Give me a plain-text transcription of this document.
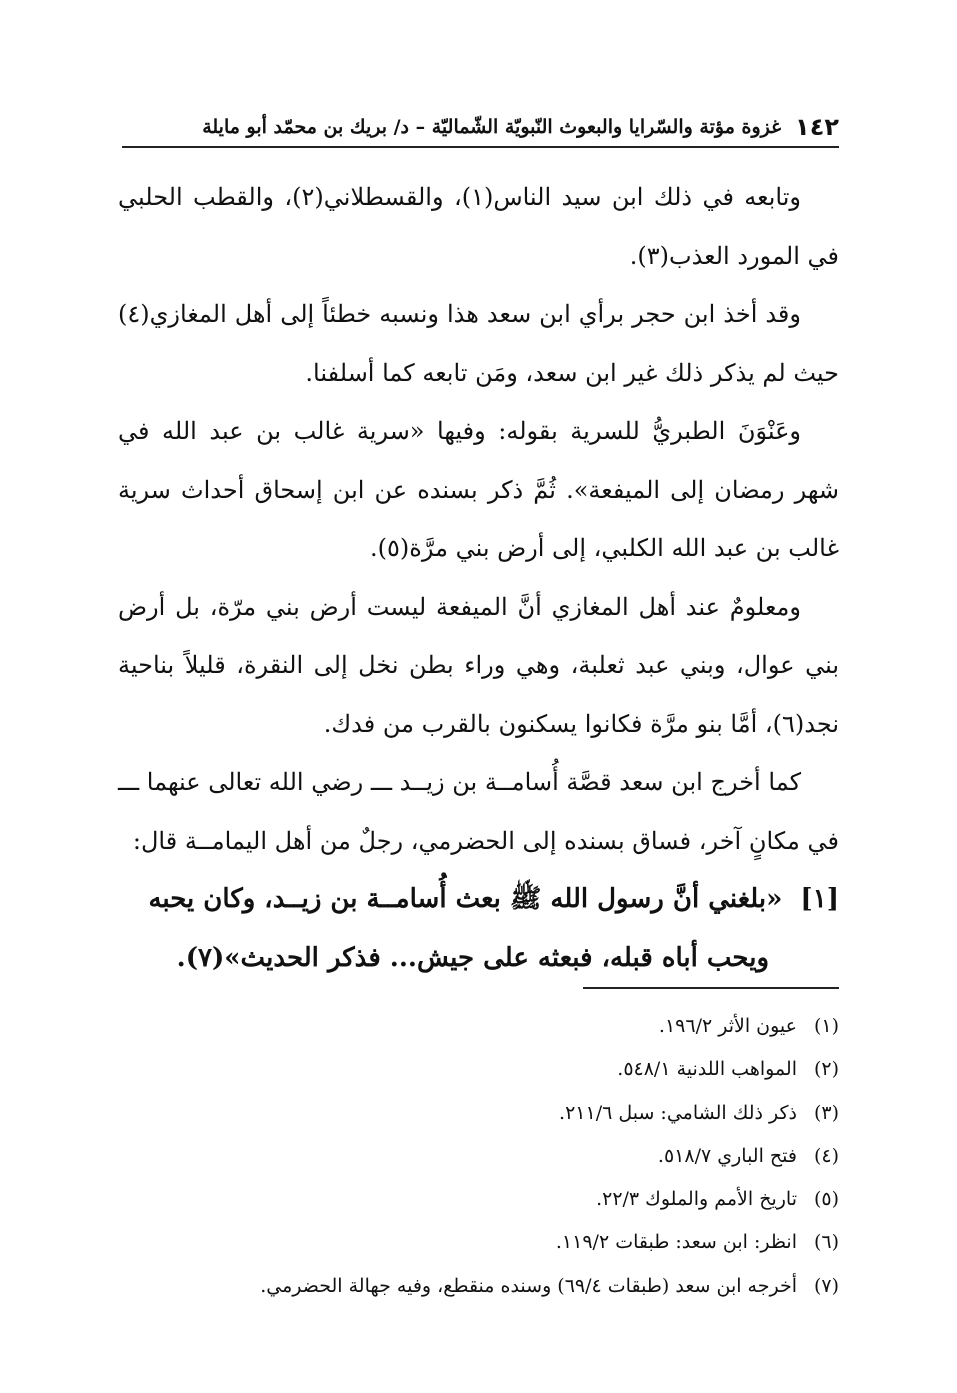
١٤٢
غزوة مؤتة والسّرايا والبعوث النّبويّة الشّماليّة – د/ بريك بن محمّد أبو مايلة

وتابعه في ذلك ابن سيد الناس(١)، والقسطلاني(٢)، والقطب الحلبي في المورد العذب(٣).

وقد أخذ ابن حجر برأي ابن سعد هذا ونسبه خطئاً إلى أهل المغازي(٤) حيث لم يذكر ذلك غير ابن سعد، ومَن تابعه كما أسلفنا.

وعَنْوَنَ الطبريُّ للسرية بقوله: وفيها «سرية غالب بن عبد الله في شهر رمضان إلى الميفعة». ثُمَّ ذكر بسنده عن ابن إسحاق أحداث سرية غالب بن عبد الله الكلبي، إلى أرض بني مرَّة(٥).

ومعلومٌ عند أهل المغازي أنَّ الميفعة ليست أرض بني مرّة، بل أرض بني عوال، وبني عبد ثعلبة، وهي وراء بطن نخل إلى النقرة، قليلاً بناحية نجد(٦)، أمَّا بنو مرَّة فكانوا يسكنون بالقرب من فدك.

كما أخرج ابن سعد قصَّة أُسامــة بن زيــد ـــ رضي الله تعالى عنهما ـــ في مكانٍ آخر، فساق بسنده إلى الحضرمي، رجلٌ من أهل اليمامــة قال:

[١]«بلغني أنَّ رسول الله ﷺ بعث أُسامــة بن زيــد، وكان يحبه

ويحب أباه قبله، فبعثه على جيش... فذكر الحديث»(٧).

(١)عيون الأثر ١٩٦/٢.
(٢)المواهب اللدنية ٥٤٨/١.
(٣)ذكر ذلك الشامي: سبل ٢١١/٦.
(٤)فتح الباري ٥١٨/٧.
(٥)تاريخ الأمم والملوك ٢٢/٣.
(٦)انظر: ابن سعد: طبقات ١١٩/٢.
(٧)أخرجه ابن سعد (طبقات ٦٩/٤) وسنده منقطع، وفيه جهالة الحضرمي.
